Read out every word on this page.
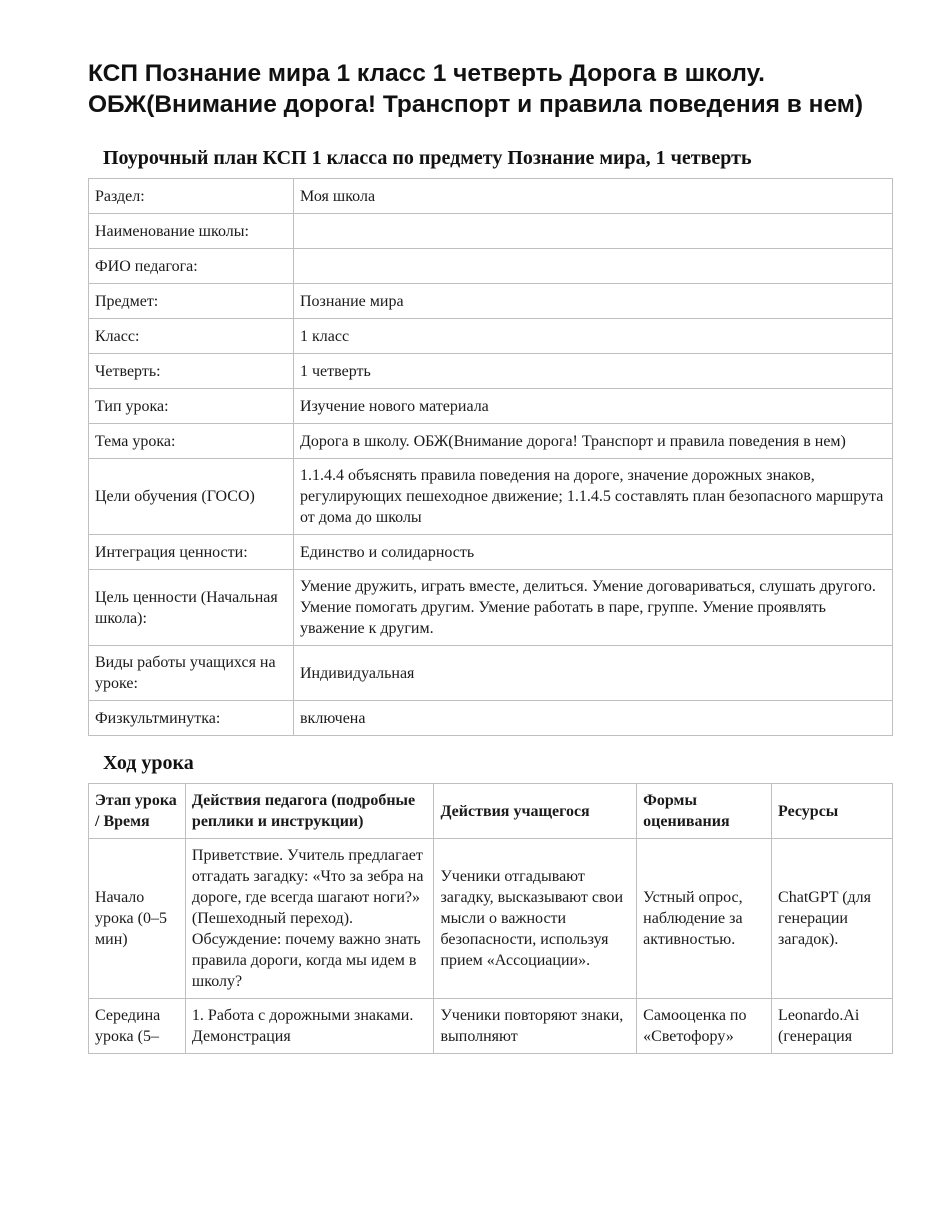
КСП Познание мира 1 класс 1 четверть Дорога в школу. ОБЖ(Внимание дорога! Транспорт и правила поведения в нем)
Поурочный план КСП 1 класса по предмету Познание мира, 1 четверть
Раздел:	Моя школа
Наименование школы:	
ФИО педагога:	
Предмет:	Познание мира
Класс:	1 класс
Четверть:	1 четверть
Тип урока:	Изучение нового материала
Тема урока:	Дорога в школу. ОБЖ(Внимание дорога! Транспорт и правила поведения в нем)
Цели обучения (ГОСО)	1.1.4.4 объяснять правила поведения на дороге, значение дорожных знаков, регулирующих пешеходное движение; 1.1.4.5 составлять план безопасного маршрута от дома до школы
Интеграция ценности:	Единство и солидарность
Цель ценности (Начальная школа):	Умение дружить, играть вместе, делиться. Умение договариваться, слушать другого. Умение помогать другим. Умение работать в паре, группе. Умение проявлять уважение к другим.
Виды работы учащихся на уроке:	Индивидуальная
Физкультминутка:	включена
Ход урока
Этап урока / Время	Действия педагога (подробные реплики и инструкции)	Действия учащегося	Формы оценивания	Ресурсы
Начало урока (0–5 мин)	Приветствие. Учитель предлагает отгадать загадку: «Что за зебра на дороге, где всегда шагают ноги?» (Пешеходный переход). Обсуждение: почему важно знать правила дороги, когда мы идем в школу?	Ученики отгадывают загадку, высказывают свои мысли о важности безопасности, используя прием «Ассоциации».	Устный опрос, наблюдение за активностью.	ChatGPT (для генерации загадок).
Середина урока (5–	1. Работа с дорожными знаками. Демонстрация	Ученики повторяют знаки, выполняют	Самооценка по «Светофору»	Leonardo.Ai (генерация
